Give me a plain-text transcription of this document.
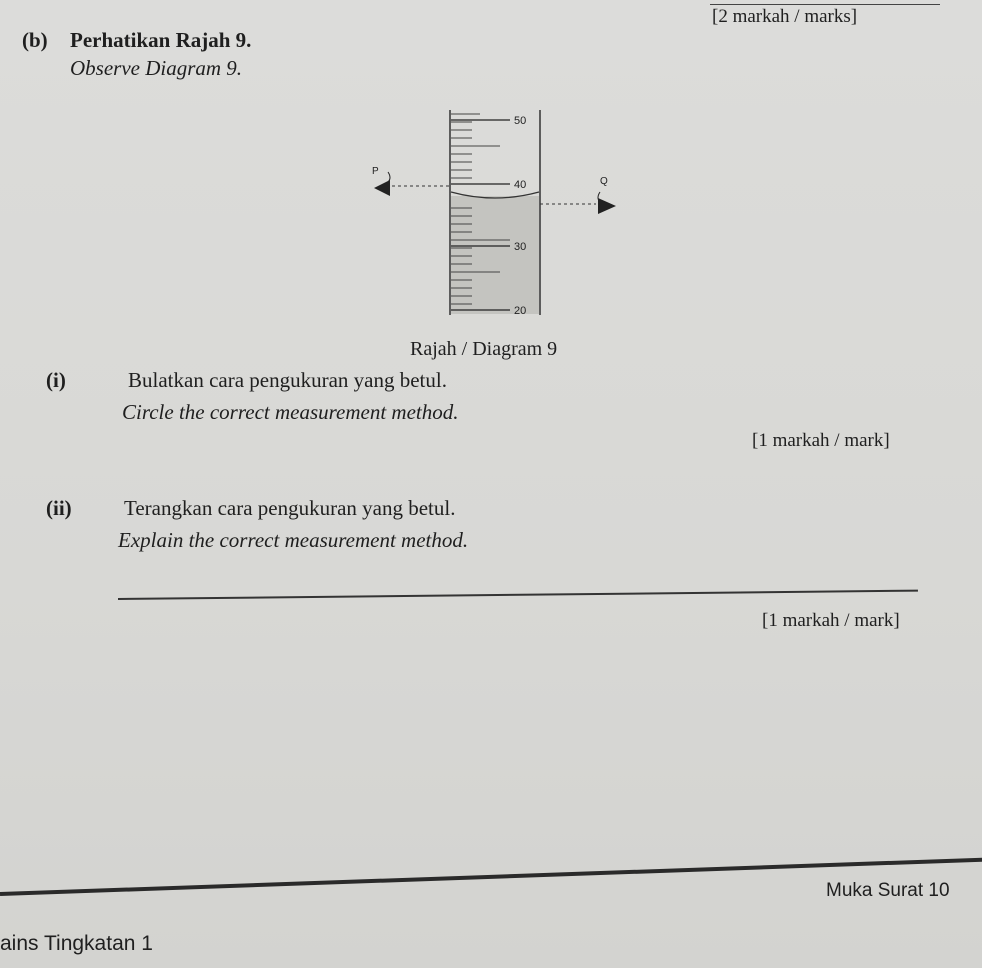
[2 markah / marks]
(b) Perhatikan Rajah 9.
Observe Diagram 9.
50
40
30
20
P
Q
Rajah / Diagram 9
(i)	Bulatkan cara pengukuran yang betul.
Circle the correct measurement method.
[1 markah / mark]
(ii) Terangkan cara pengukuran yang betul.
Explain the correct measurement method.
[1 markah / mark]
Muka Surat 10
ains Tingkatan 1
